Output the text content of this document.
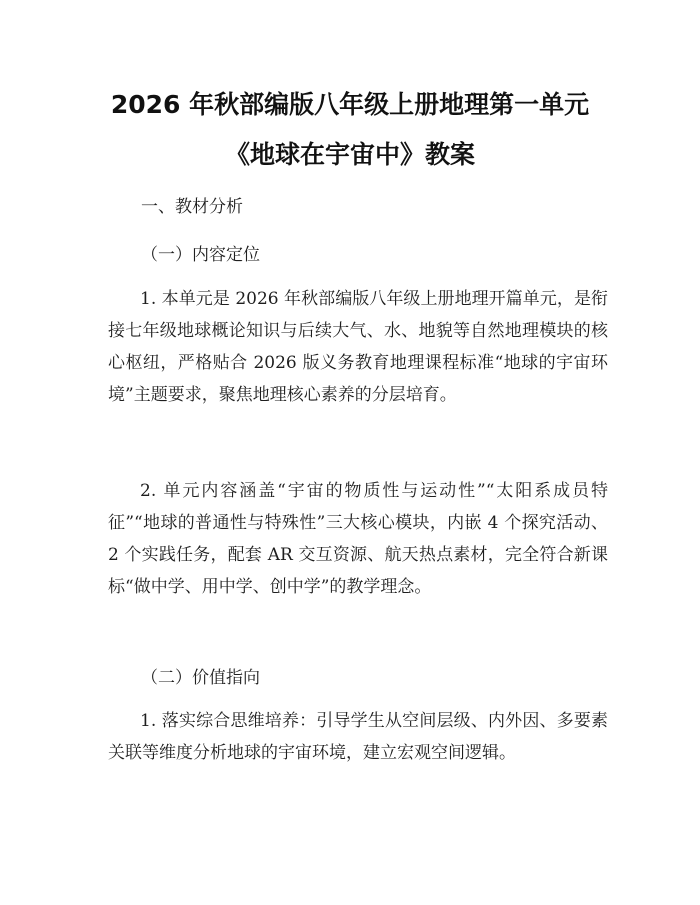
2026 年秋部编版八年级上册地理第一单元
《地球在宇宙中》教案
一、教材分析
（一）内容定位

1. 本单元是 2026 年秋部编版八年级上册地理开篇单元，是衔接七年级地球概论知识与后续大气、水、地貌等自然地理模块的核心枢纽，严格贴合 2026 版义务教育地理课程标准“地球的宇宙环境”主题要求，聚焦地理核心素养的分层培育。

2. 单元内容涵盖“宇宙的物质性与运动性”“太阳系成员特征”“地球的普通性与特殊性”三大核心模块，内嵌 4 个探究活动、2 个实践任务，配套 AR 交互资源、航天热点素材，完全符合新课标“做中学、用中学、创中学”的教学理念。

（二）价值指向

1. 落实综合思维培养：引导学生从空间层级、内外因、多要素关联等维度分析地球的宇宙环境，建立宏观空间逻辑。
